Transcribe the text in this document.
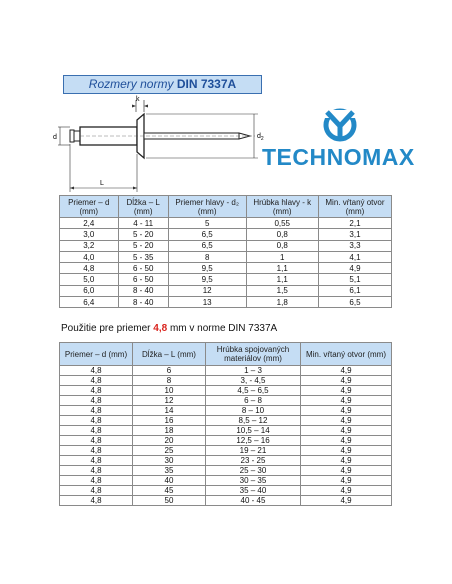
Rozmery normy DIN 7337A
k
d	$d_2$
L
TECHNOMAX
Priemer – d (mm)	Dĺžka – L (mm)	Priemer hlavy - d₂ (mm)	Hrúbka hlavy - k (mm)	Min. vŕtaný otvor (mm)
2,4	4 - 11	5	0,55	2,1
3,0	5 - 20	6,5	0,8	3,1
3,2	5 - 20	6,5	0,8	3,3
4,0	5 - 35	8	1	4,1
4,8	6 - 50	9,5	1,1	4,9
5,0	6 - 50	9,5	1,1	5,1
6,0	8 - 40	12	1,5	6,1
6,4	8 - 40	13	1,8	6,5
Použitie pre priemer 4,8 mm v norme DIN 7337A
Priemer – d (mm)	Dĺžka – L (mm)	Hrúbka spojovaných materiálov (mm)	Min. vŕtaný otvor (mm)
4,8	6	1 – 3	4,9
4,8	8	3, - 4,5	4,9
4,8	10	4,5 – 6,5	4,9
4,8	12	6 – 8	4,9
4,8	14	8 – 10	4,9
4,8	16	8,5 – 12	4,9
4,8	18	10,5 – 14	4,9
4,8	20	12,5 – 16	4,9
4,8	25	19 – 21	4,9
4,8	30	23 - 25	4,9
4,8	35	25 – 30	4,9
4,8	40	30 – 35	4,9
4,8	45	35 – 40	4,9
4,8	50	40 - 45	4,9
